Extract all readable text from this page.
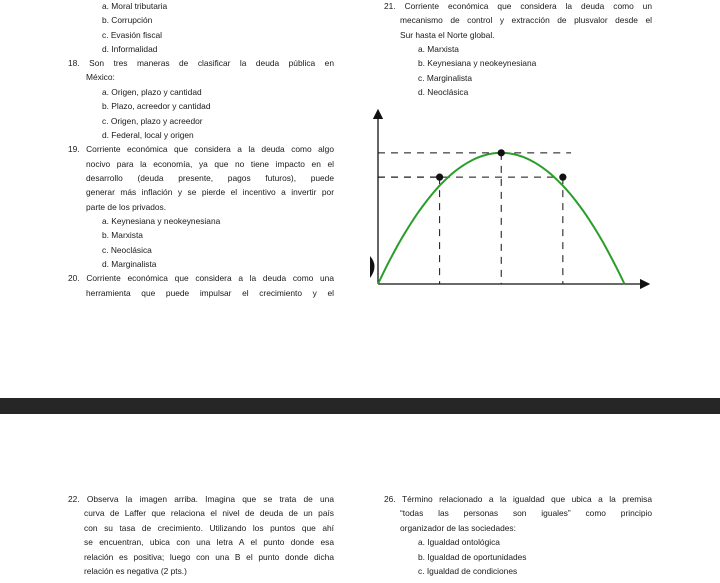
a. Moral tributaria
b. Corrupción
c. Evasión fiscal
d. Informalidad
18. Son tres maneras de clasificar la deuda pública en
México:
a. Origen, plazo y cantidad
b. Plazo, acreedor y cantidad
c. Origen, plazo y acreedor
d. Federal, local y origen
19. Corriente económica que considera a la deuda como algo
nocivo para la economía, ya que no tiene impacto en el
desarrollo (deuda presente, pagos futuros), puede
generar más inflación y se pierde el incentivo a invertir por
parte de los privados.
a. Keynesiana y neokeynesiana
b. Marxista
c. Neoclásica
d. Marginalista
20. Corriente económica que considera a la deuda como una
herramienta que puede impulsar el crecimiento y el
21. Corriente económica que considera la deuda como un
mecanismo de control y extracción de plusvalor desde el
Sur hasta el Norte global.
a. Marxista
b. Keynesiana y neokeynesiana
c. Marginalista
d. Neoclásica
22. Observa la imagen arriba. Imagina que se trata de una
curva de Laffer que relaciona el nivel de deuda de un país
con su tasa de crecimiento. Utilizando los puntos que ahí
se encuentran, ubica con una letra A el punto donde esa
relación es positiva; luego con una B el punto donde dicha
relación es negativa (2 pts.)
26. Término relacionado a la igualdad que ubica a la premisa
“todas las personas son iguales” como principio
organizador de las sociedades:
a. Igualdad ontológica
b. Igualdad de oportunidades
c. Igualdad de condiciones
